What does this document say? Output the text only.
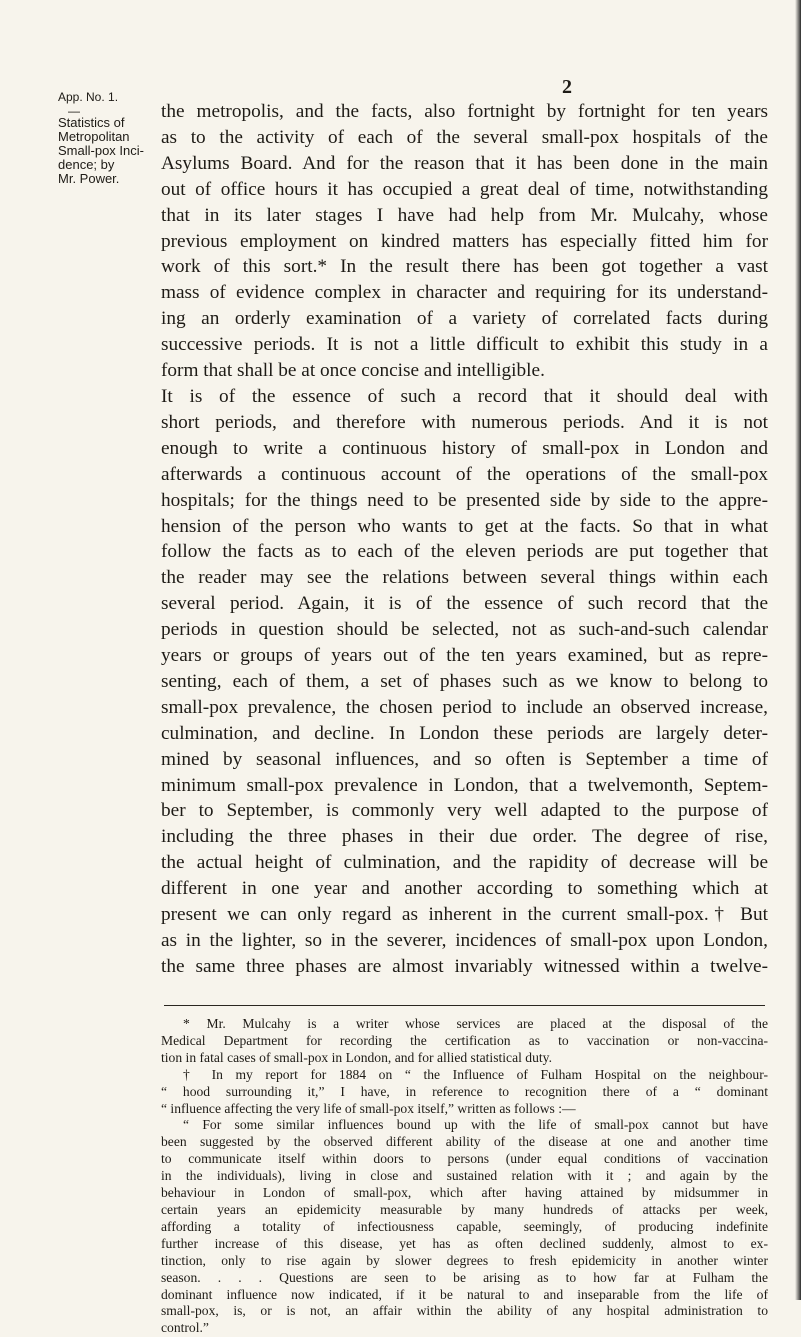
2
App. No. 1.
—
Statistics of
Metropolitan
Small-pox Inci-
dence; by
Mr. Power.
the metropolis, and the facts, also fortnight by fortnight for ten years
as to the activity of each of the several small-pox hospitals of the
Asylums Board. And for the reason that it has been done in the main
out of office hours it has occupied a great deal of time, notwithstanding
that in its later stages I have had help from Mr. Mulcahy, whose
previous employment on kindred matters has especially fitted him for
work of this sort.* In the result there has been got together a vast
mass of evidence complex in character and requiring for its understand-
ing an orderly examination of a variety of correlated facts during
successive periods. It is not a little difficult to exhibit this study in a
form that shall be at once concise and intelligible.
It is of the essence of such a record that it should deal with
short periods, and therefore with numerous periods. And it is not
enough to write a continuous history of small-pox in London and
afterwards a continuous account of the operations of the small-pox
hospitals; for the things need to be presented side by side to the appre-
hension of the person who wants to get at the facts. So that in what
follow the facts as to each of the eleven periods are put together that
the reader may see the relations between several things within each
several period. Again, it is of the essence of such record that the
periods in question should be selected, not as such-and-such calendar
years or groups of years out of the ten years examined, but as repre-
senting, each of them, a set of phases such as we know to belong to
small-pox prevalence, the chosen period to include an observed increase,
culmination, and decline. In London these periods are largely deter-
mined by seasonal influences, and so often is September a time of
minimum small-pox prevalence in London, that a twelvemonth, Septem-
ber to September, is commonly very well adapted to the purpose of
including the three phases in their due order. The degree of rise,
the actual height of culmination, and the rapidity of decrease will be
different in one year and another according to something which at
present we can only regard as inherent in the current small-pox.† But
as in the lighter, so in the severer, incidences of small-pox upon London,
the same three phases are almost invariably witnessed within a twelve-
* Mr. Mulcahy is a writer whose services are placed at the disposal of the
Medical Department for recording the certification as to vaccination or non-vaccina-
tion in fatal cases of small-pox in London, and for allied statistical duty.
† In my report for 1884 on “ the Influence of Fulham Hospital on the neighbour-
“ hood surrounding it,” I have, in reference to recognition there of a “ dominant
“ influence affecting the very life of small-pox itself,” written as follows :—
“ For some similar influences bound up with the life of small-pox cannot but have
been suggested by the observed different ability of the disease at one and another time
to communicate itself within doors to persons (under equal conditions of vaccination
in the individuals), living in close and sustained relation with it ; and again by the
behaviour in London of small-pox, which after having attained by midsummer in
certain years an epidemicity measurable by many hundreds of attacks per week,
affording a totality of infectiousness capable, seemingly, of producing indefinite
further increase of this disease, yet has as often declined suddenly, almost to ex-
tinction, only to rise again by slower degrees to fresh epidemicity in another winter
season. . . . Questions are seen to be arising as to how far at Fulham the
dominant influence now indicated, if it be natural to and inseparable from the life of
small-pox, is, or is not, an affair within the ability of any hospital administration to
control.”
